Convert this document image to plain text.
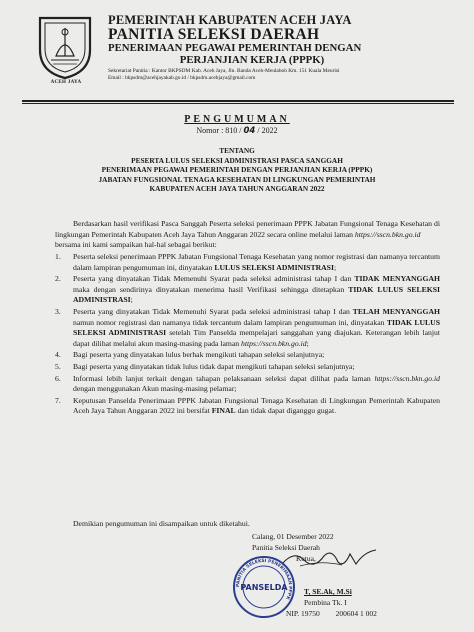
ACEH JAYA
PEMERINTAH KABUPATEN ACEH JAYA
PANITIA SELEKSI DAERAH
PENERIMAAN PEGAWAI PEMERINTAH DENGAN
PERJANJIAN KERJA (PPPK)
Sekretariat Panitia : Kantor BKPSDM Kab. Aceh Jaya, Jln. Banda Aceh-Meulaboh Km. 151 Kuala Meurisi
Email : bkpsdm@acehjayakab.go.id / bkpsdm.acehjaya@gmail.com
PENGUMUMAN
Nomor : 810 / 04 / 2022
TENTANG
PESERTA LULUS SELEKSI ADMINISTRASI PASCA SANGGAH
PENERIMAAN PEGAWAI PEMERINTAH DENGAN PERJANJIAN KERJA (PPPK)
JABATAN FUNGSIONAL TENAGA KESEHATAN DI LINGKUNGAN PEMERINTAH
KABUPATEN ACEH JAYA TAHUN ANGGARAN 2022

Berdasarkan hasil verifikasi Pasca Sanggah Peserta seleksi penerimaan PPPK Jabatan Fungsional Tenaga Kesehatan di lingkungan Pemerintah Kabupaten Aceh Jaya Tahun Anggaran 2022 secara online melalui laman https://sscn.bkn.go.id
bersama ini kami sampaikan hal-hal sebagai berikut:

1. Peserta seleksi penerimaan PPPK Jabatan Fungsional Tenaga Kesehatan yang nomor registrasi dan namanya tercantum dalam lampiran pengumuman ini, dinyatakan LULUS SELEKSI ADMINISTRASI;
2. Peserta yang dinyatakan Tidak Memenuhi Syarat pada seleksi administrasi tahap I dan TIDAK MENYANGGAH maka dengan sendirinya dinyatakan menerima hasil Verifikasi sehingga ditetapkan TIDAK LULUS SELEKSI ADMINISTRASI;
3. Peserta yang dinyatakan Tidak Memenuhi Syarat pada seleksi administrasi tahap I dan TELAH MENYANGGAH namun nomor registrasi dan namanya tidak tercantum dalam lampiran pengumuman ini, dinyatakan TIDAK LULUS SELEKSI ADMINISTRASI setelah Tim Panselda mempelajari sanggahan yang diajukan. Keterangan lebih lanjut dapat dilihat melalui akun masing-masing pada laman https://sscn.bkn.go.id;
4. Bagi peserta yang dinyatakan lulus berhak mengikuti tahapan seleksi selanjutnya;
5. Bagi peserta yang dinyatakan tidak lulus tidak dapat mengikuti tahapan seleksi selanjutnya;
6. Informasi lebih lanjut terkait dengan tahapan pelaksanaan seleksi dapat dilihat pada laman https://sscn.bkn.go.id dengan menggunakan Akun masing-masing pelamar;
7. Keputusan Panselda Penerimaan PPPK Jabatan Fungsional Tenaga Kesehatan di Lingkungan Pemerintah Kabupaten Aceh Jaya Tahun Anggaran 2022 ini bersifat FINAL dan tidak dapat diganggu gugat.
Demikian pengumuman ini disampaikan untuk diketahui.
Calang, 01 Desember 2022
Panitia Seleksi Daerah
Ketua,
T, SE.Ak, M.Si
Pembina Tk. I
NIP. 19750 200604 1 002
PANITIA SELEKSI PENERIMAAN PPPK
PANSELDA
